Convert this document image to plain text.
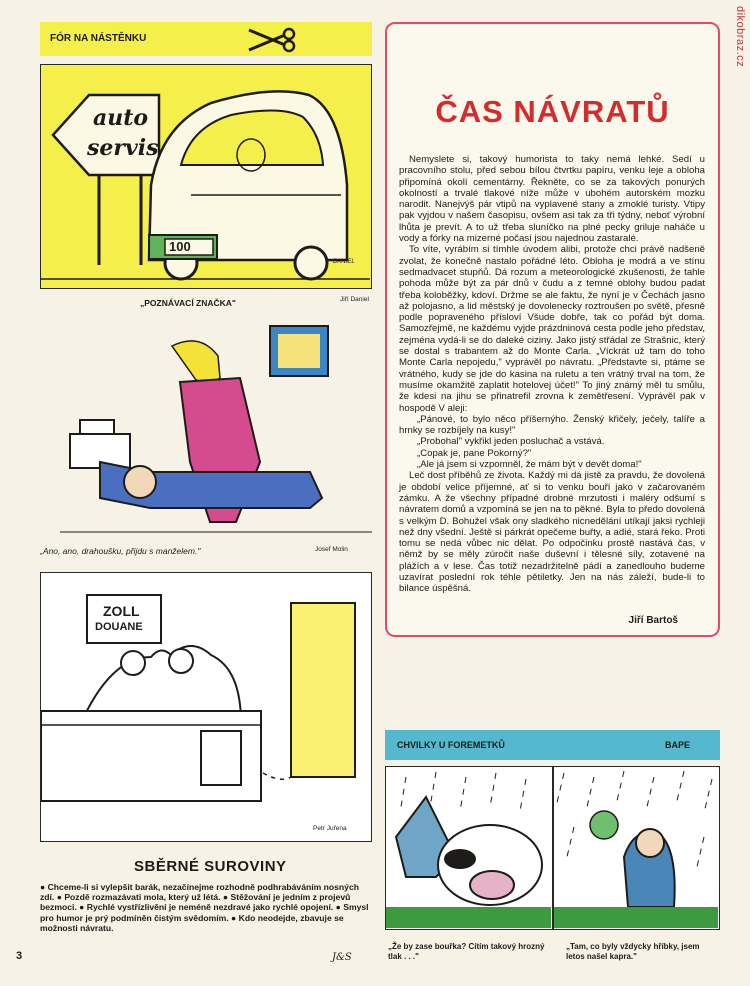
dikobraz.cz
FÓR NA NÁSTĚNKU
auto
servis
100
DANIEL
„POZNÁVACÍ ZNAČKA"	Jiří Daniel
„Ano, ano, drahoušku, přijdu s manželem."	Josef Molin
ZOLL
DOUANE
Petr Juřena
SBĚRNÉ SUROVINY
● Chceme-li si vylepšit barák, nezačínejme rozhodně podhrabáváním nosných zdí. ● Pozdě rozmazávati mola, který už létá. ● Stěžování je jedním z projevů bezmoci. ● Rychlé vystřízlivění je neméně nezdravé jako rychlé opojení. ● Smysl pro humor je prý podmíněn čistým svědomím. ● Kdo neodejde, zbavuje se možnosti návratu.
ČAS NÁVRATŮ

Nemyslete si, takový humorista to taky nemá lehké. Sedí u pracovního stolu, před sebou bílou čtvrtku papíru, venku leje a obloha připomíná okolí cementárny. Řekněte, co se za takových ponurých okolností a trvalé tlakové níže může v ubohém autorském mozku narodit. Nanejvýš pár vtipů na vyplavené stany a zmoklé turisty. Vtipy pak vyjdou v našem časopisu, ovšem asi tak za tři týdny, neboť výrobní lhůta je prevít. A to už třeba sluníčko na plné pecky griluje naháče u vody a fórky na mizerné počasí jsou najednou zastaralé.

To víte, vyrábím si tímhle úvodem alibi, protože chci právě nadšeně zvolat, že konečně nastalo pořádné léto. Obloha je modrá a ve stínu sedmadvacet stupňů. Dá rozum a meteorologické zkušenosti, že tahle pohoda může být za pár dnů v čudu a z temné oblohy budou padat třeba koloběžky, kdoví. Držme se ale faktu, že nyní je v Čechách jasno až polojasno, a lid městský je dovolenecky roztroušen po světě, přesně podle popraveného přísloví Všude dobře, tak co pořád být doma. Samozřejmě, ne každému vyjde prázdninová cesta podle jeho představ, zejména vydá-li se do daleké ciziny. Jako jistý střádal ze Strašnic, který se dostal s trabantem až do Monte Carla. „Víckrát už tam do toho Monte Carla nepojedu," vyprávěl po návratu. „Představte si, ptáme se vrátného, kudy se jde do kasina na ruletu a ten vrátný trval na tom, že musíme okamžitě zaplatit hotelovej účet!" To jiný známý měl tu smůlu, že kdesi na jihu se přinatrefil zrovna k zemětřesení. Vyprávěl pak v hospodě V aleji:

„Pánové, to bylo něco příšernýho. Ženský křičely, ječely, talíře a hrnky se rozbíjely na kusy!"

„Probohal" vykřikl jeden posluchač a vstává.

„Copak je, pane Pokorný?"

„Ale já jsem si vzpomněl, že mám být v devět doma!"

Leč dost příběhů ze života. Každý mi dá jistě za pravdu, že dovolená je období velice příjemné, ať si to venku bouří jako v začarovaném zámku. A že všechny případné drobné mrzutosti i maléry odšumí s návratem domů a vzpomíná se jen na to pěkné. Byla to předo dovolená s velkým D. Bohužel však ony sladkého nicnedělání utíkají jaksi rychleji než dny všední. Ještě si párkrát opečeme buřty, a adié, stará řeko. Proti tomu se nedá vůbec nic dělat. Po odpočinku prostě nastává čas, v němž by se měly zúročit naše duševní i tělesné síly, zotavené na plážích a v lese. Čas totiž nezadržitelně pádí a zanedlouho budeme uzavírat poslední rok téhle pětiletky. Jen na nás záleží, bude-li to bilance úspěšná.

Jiří Bartoš
CHVILKY U FOREMETKŮ	BAPE
„Že by zase bouřka? Cítím takový hrozný tlak . . ."
„Tam, co byly vždycky hříbky, jsem letos našel kapra."
3	J&S
